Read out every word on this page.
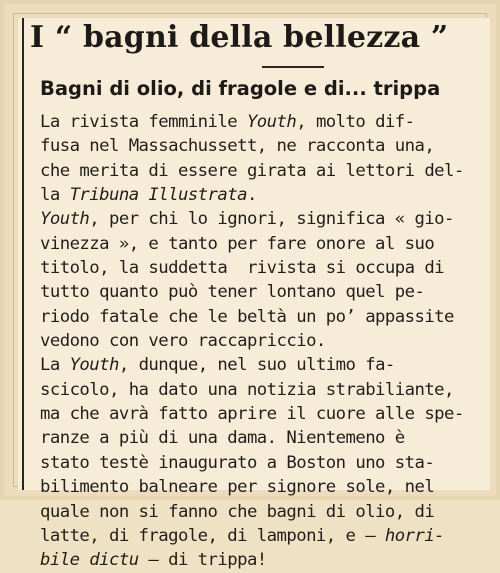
I “ bagni della bellezza ”
Bagni di olio, di fragole e di... trippa
La rivista femminile Youth, molto dif-
fusa nel Massachussett, ne racconta una,
che merita di essere girata ai lettori del-
la Tribuna Illustrata.
Youth, per chi lo ignori, significa « gio-
vinezza », e tanto per fare onore al suo
titolo, la suddetta  rivista si occupa di
tutto quanto può tener lontano quel pe-
riodo fatale che le beltà un po’ appassite
vedono con vero raccapriccio.
La Youth, dunque, nel suo ultimo fa-
scicolo, ha dato una notizia strabiliante,
ma che avrà fatto aprire il cuore alle spe-
ranze a più di una dama. Nientemeno è
stato testè inaugurato a Boston uno sta-
bilimento balneare per signore sole, nel
quale non si fanno che bagni di olio, di
latte, di fragole, di lamponi, e — horri-
bile dictu — di trippa!
